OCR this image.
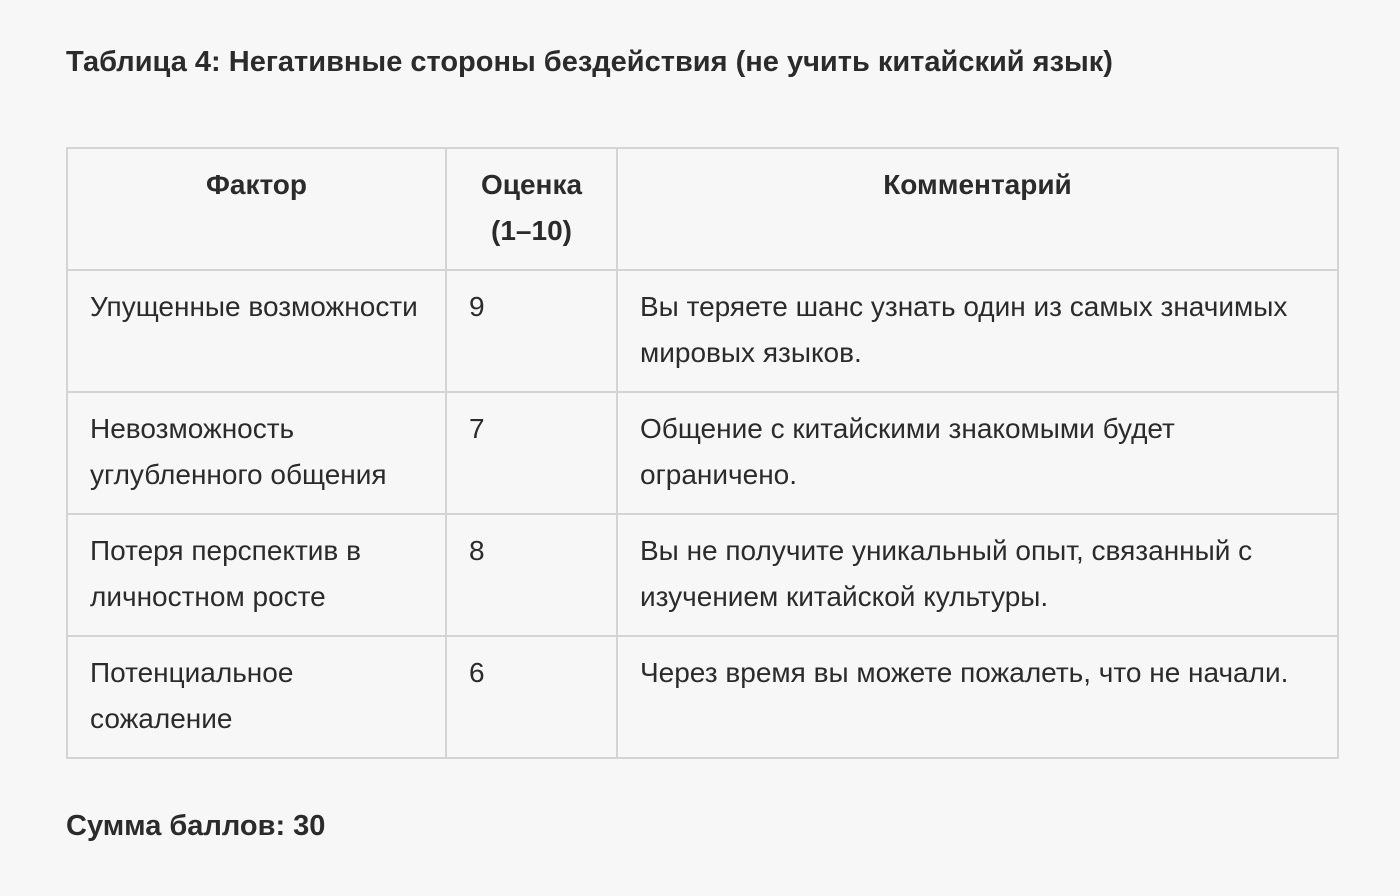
Таблица 4: Негативные стороны бездействия (не учить китайский язык)

Фактор	Оценка (1–10)	Комментарий
Упущенные возможности	9	Вы теряете шанс узнать один из самых значимых мировых языков.
Невозможность углубленного общения	7	Общение с китайскими знакомыми будет ограничено.
Потеря перспектив в личностном росте	8	Вы не получите уникальный опыт, связанный с изучением китайской культуры.
Потенциальное сожаление	6	Через время вы можете пожалеть, что не начали.

Сумма баллов: 30
